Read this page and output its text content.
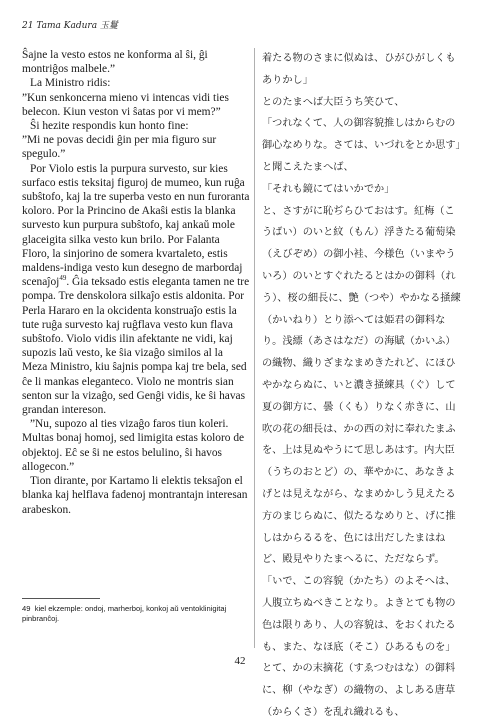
21 Tama Kadura 玉鬘

Ŝajne la vesto estos ne konforma al ŝi, ĝi montriĝos malbele.”

La Ministro ridis:

”Kun senkoncerna mieno vi intencas vidi ties belecon. Kiun veston vi ŝatas por vi mem?”

Ŝi hezite respondis kun honto fine:

”Mi ne povas decidi ĝin per mia figuro sur spegulo.”

Por Violo estis la purpura survesto, sur kies surfaco estis teksitaj figuroj de mumeo, kun ruĝa subŝtofo, kaj la tre superba vesto en nun furoranta koloro. Por la Princino de Akaŝi estis la blanka survesto kun purpura subŝtofo, kaj ankaŭ mole glaceigita silka vesto kun brilo. Por Falanta Floro, la sinjorino de somera kvartaleto, estis maldens-indiga vesto kun desegno de marbordaj scenaĵoj$^{49}$. Ĝia teksado estis eleganta tamen ne tre pompa. Tre denskolora silkaĵo estis aldonita. Por Perla Hararo en la okcidenta konstruaĵo estis la tute ruĝa survesto kaj ruĝflava vesto kun flava subŝtofo. Violo vidis ilin afektante ne vidi, kaj supozis laŭ vesto, ke ŝia vizaĝo similos al la Meza Ministro, kiu ŝajnis pompa kaj tre bela, sed ĉe li mankas eleganteco. Violo ne montris sian senton sur la vizaĝo, sed Genĝi vidis, ke ŝi havas grandan intereson.

”Nu, supozo al ties vizaĝo faros tiun koleri. Multas bonaj homoj, sed limigita estas koloro de objektoj. Eĉ se ŝi ne estos belulino, ŝi havos allogecon.”

Tion dirante, por Kartamo li elektis teksaĵon el blanka kaj helflava fadenoj montrantajn interesan arabeskon.

着たる物のさまに似ぬは、ひがひがしくもありかし」

とのたまへば大臣うち笑ひて、

「つれなくて、人の御容貌推しはからむの御心なめりな。さては、いづれをとか思す」

と聞こえたまへば、

「それも鏡にてはいかでか」

と、さすがに恥ぢらひておはす。紅梅（こうばい）のいと紋（もん）浮きたる葡萄染（えびぞめ）の御小袿、今様色（いまやういろ）のいとすぐれたるとはかの御料（れう）、桜の細長に、艶（つや）やかなる掻練（かいねり）とり添へては姫君の御料なり。浅縹（あさはなだ）の海賦（かいふ）の織物、織りざまなまめきたれど、にほひやかならぬに、いと濃き掻練具（ぐ）して夏の御方に、曇（くも）りなく赤きに、山吹の花の細長は、かの西の対に奉れたまふを、上は見ぬやうにて思しあはす。内大臣（うちのおとど）の、華やかに、あなきよげとは見えながら、なまめかしう見えたる方のまじらぬに、似たるなめりと、げに推しはからるるを、色には出だしたまはねど、殿見やりたまへるに、ただならず。

「いで、この容貌（かたち）のよそへは、人腹立ちぬべきことなり。よきとても物の色は限りあり、人の容貌は、をおくれたるも、また、なほ底（そこ）ひあるものを」

とて、かの末摘花（すゑつむはな）の御料に、柳（やなぎ）の織物の、よしある唐草（からくさ）を乱れ織れるも、

49 kiel ekzemple: ondoj, marherboj, konkoj aŭ ventoklinigitaj pinbranĉoj.
42
